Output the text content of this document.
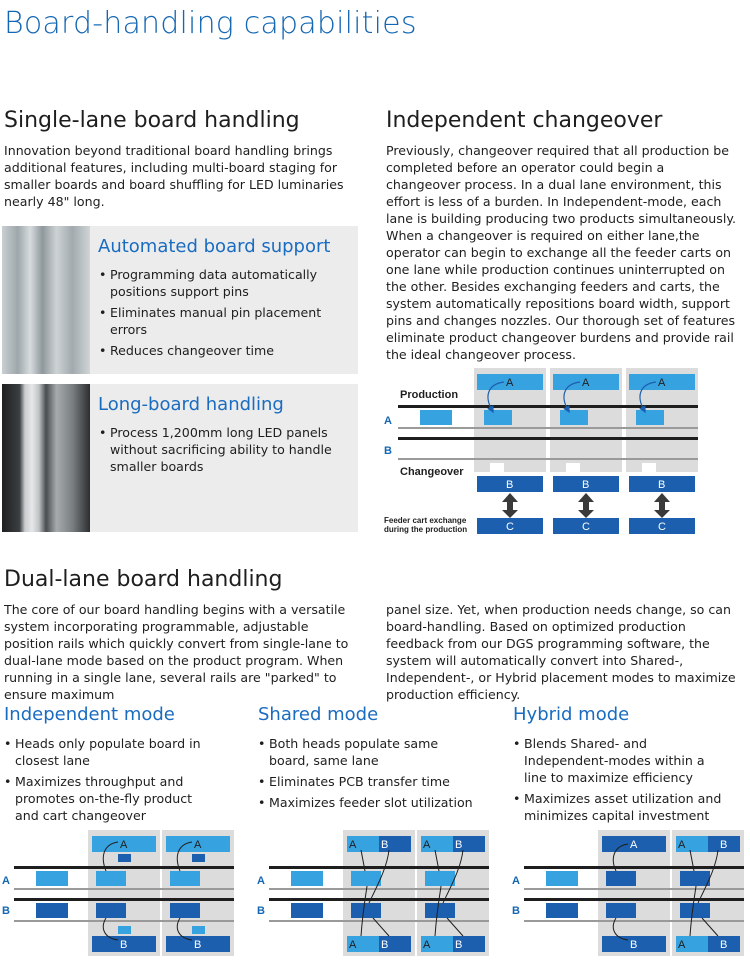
Board-handling capabilities
Single-lane board handling
Innovation beyond traditional board handling brings additional features, including multi-board staging for smaller boards and board shuffling for LED luminaries nearly 48" long.
Automated board support
• Programming data automatically positions support pins
• Eliminates manual pin placement errors
• Reduces changeover time
Long-board handling
• Process 1,200mm long LED panels without sacrificing ability to handle smaller boards
Independent changeover
Previously, changeover required that all production be completed before an operator could begin a changeover process. In a dual lane environment, this effort is less of a burden. In Independent-mode, each lane is building producing two products simultaneously. When a changeover is required on either lane,the operator can begin to exchange all the feeder carts on one lane while production continues uninterrupted on the other. Besides exchanging feeders and carts, the system automatically repositions board width, support pins and changes nozzles. Our thorough set of features eliminate product changeover burdens and provide rail the ideal changeover process.
Production
Changeover
A
B
A	A	A
B	B	B
C	C	C
Feeder cart exchange
during the production
Dual-lane board handling
The core of our board handling begins with a versatile system incorporating programmable, adjustable position rails which quickly convert from single-lane to dual-lane mode based on the product program. When running in a single lane, several rails are "parked" to ensure maximum
panel size. Yet, when production needs change, so can board-handling. Based on optimized production feedback from our DGS programming software, the system will automatically convert into Shared-, Independent-, or Hybrid placement modes to maximize production efficiency.
Independent mode
• Heads only populate board in closest lane
• Maximizes throughput and promotes on-the-fly product and cart changeover
Shared mode
• Both heads populate same board, same lane
• Eliminates PCB transfer time
• Maximizes feeder slot utilization
Hybrid mode
• Blends Shared- and Independent-modes within a line to maximize efficiency
• Maximizes asset utilization and minimizes capital investment
A
B
A	A
B	B
A
B
A B	A B
A B	A B
A
B
A	A	B
B	A	B
